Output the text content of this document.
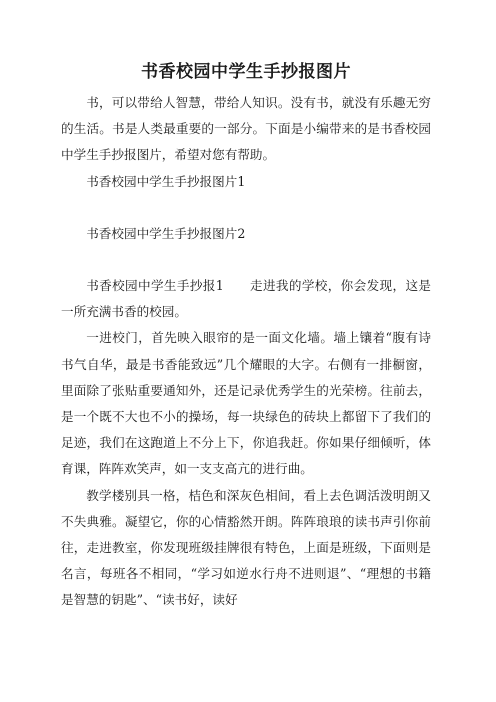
书香校园中学生手抄报图片

书，可以带给人智慧，带给人知识。没有书，就没有乐趣无穷的生活。书是人类最重要的一部分。下面是小编带来的是书香校园中学生手抄报图片，希望对您有帮助。

书香校园中学生手抄报图片1

书香校园中学生手抄报图片2

书香校园中学生手抄报1　　走进我的学校，你会发现，这是一所充满书香的校园。

一进校门，首先映入眼帘的是一面文化墙。墙上镶着“腹有诗书气自华，最是书香能致远”几个耀眼的大字。右侧有一排橱窗，里面除了张贴重要通知外，还是记录优秀学生的光荣榜。往前去，是一个既不大也不小的操场，每一块绿色的砖块上都留下了我们的足迹，我们在这跑道上不分上下，你追我赶。你如果仔细倾听，体育课，阵阵欢笑声，如一支支高亢的进行曲。

教学楼别具一格，桔色和深灰色相间，看上去色调活泼明朗又不失典雅。凝望它，你的心情豁然开朗。阵阵琅琅的读书声引你前往，走进教室，你发现班级挂牌很有特色，上面是班级，下面则是名言，每班各不相同，“学习如逆水行舟不进则退”、“理想的书籍是智慧的钥匙”、“读书好，读好
